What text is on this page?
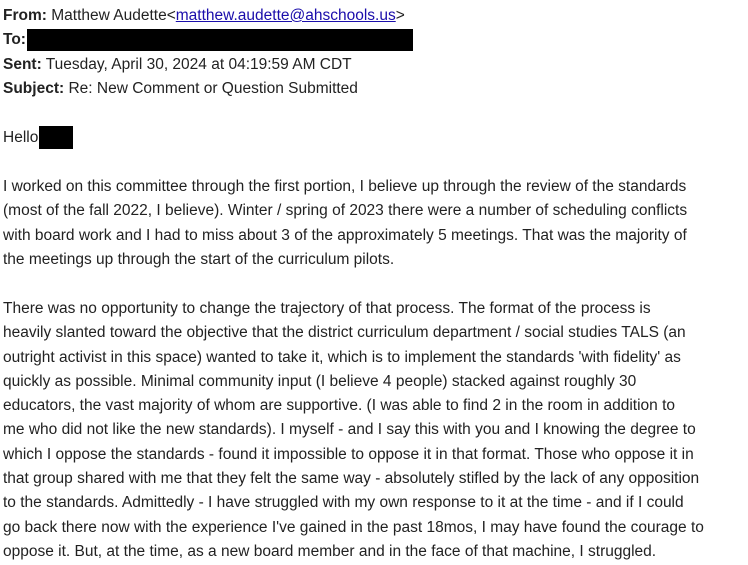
From: Matthew Audette<matthew.audette@ahschools.us>
To:
Sent: Tuesday, April 30, 2024 at 04:19:59 AM CDT
Subject: Re: New Comment or Question Submitted
Hello
I worked on this committee through the first portion, I believe up through the review of the standards
(most of the fall 2022, I believe). Winter / spring of 2023 there were a number of scheduling conflicts
with board work and I had to miss about 3 of the approximately 5 meetings. That was the majority of
the meetings up through the start of the curriculum pilots.
There was no opportunity to change the trajectory of that process. The format of the process is
heavily slanted toward the objective that the district curriculum department / social studies TALS (an
outright activist in this space) wanted to take it, which is to implement the standards 'with fidelity' as
quickly as possible. Minimal community input (I believe 4 people) stacked against roughly 30
educators, the vast majority of whom are supportive. (I was able to find 2 in the room in addition to
me who did not like the new standards). I myself - and I say this with you and I knowing the degree to
which I oppose the standards - found it impossible to oppose it in that format. Those who oppose it in
that group shared with me that they felt the same way - absolutely stifled by the lack of any opposition
to the standards. Admittedly - I have struggled with my own response to it at the time - and if I could
go back there now with the experience I've gained in the past 18mos, I may have found the courage to
oppose it. But, at the time, as a new board member and in the face of that machine, I struggled.
